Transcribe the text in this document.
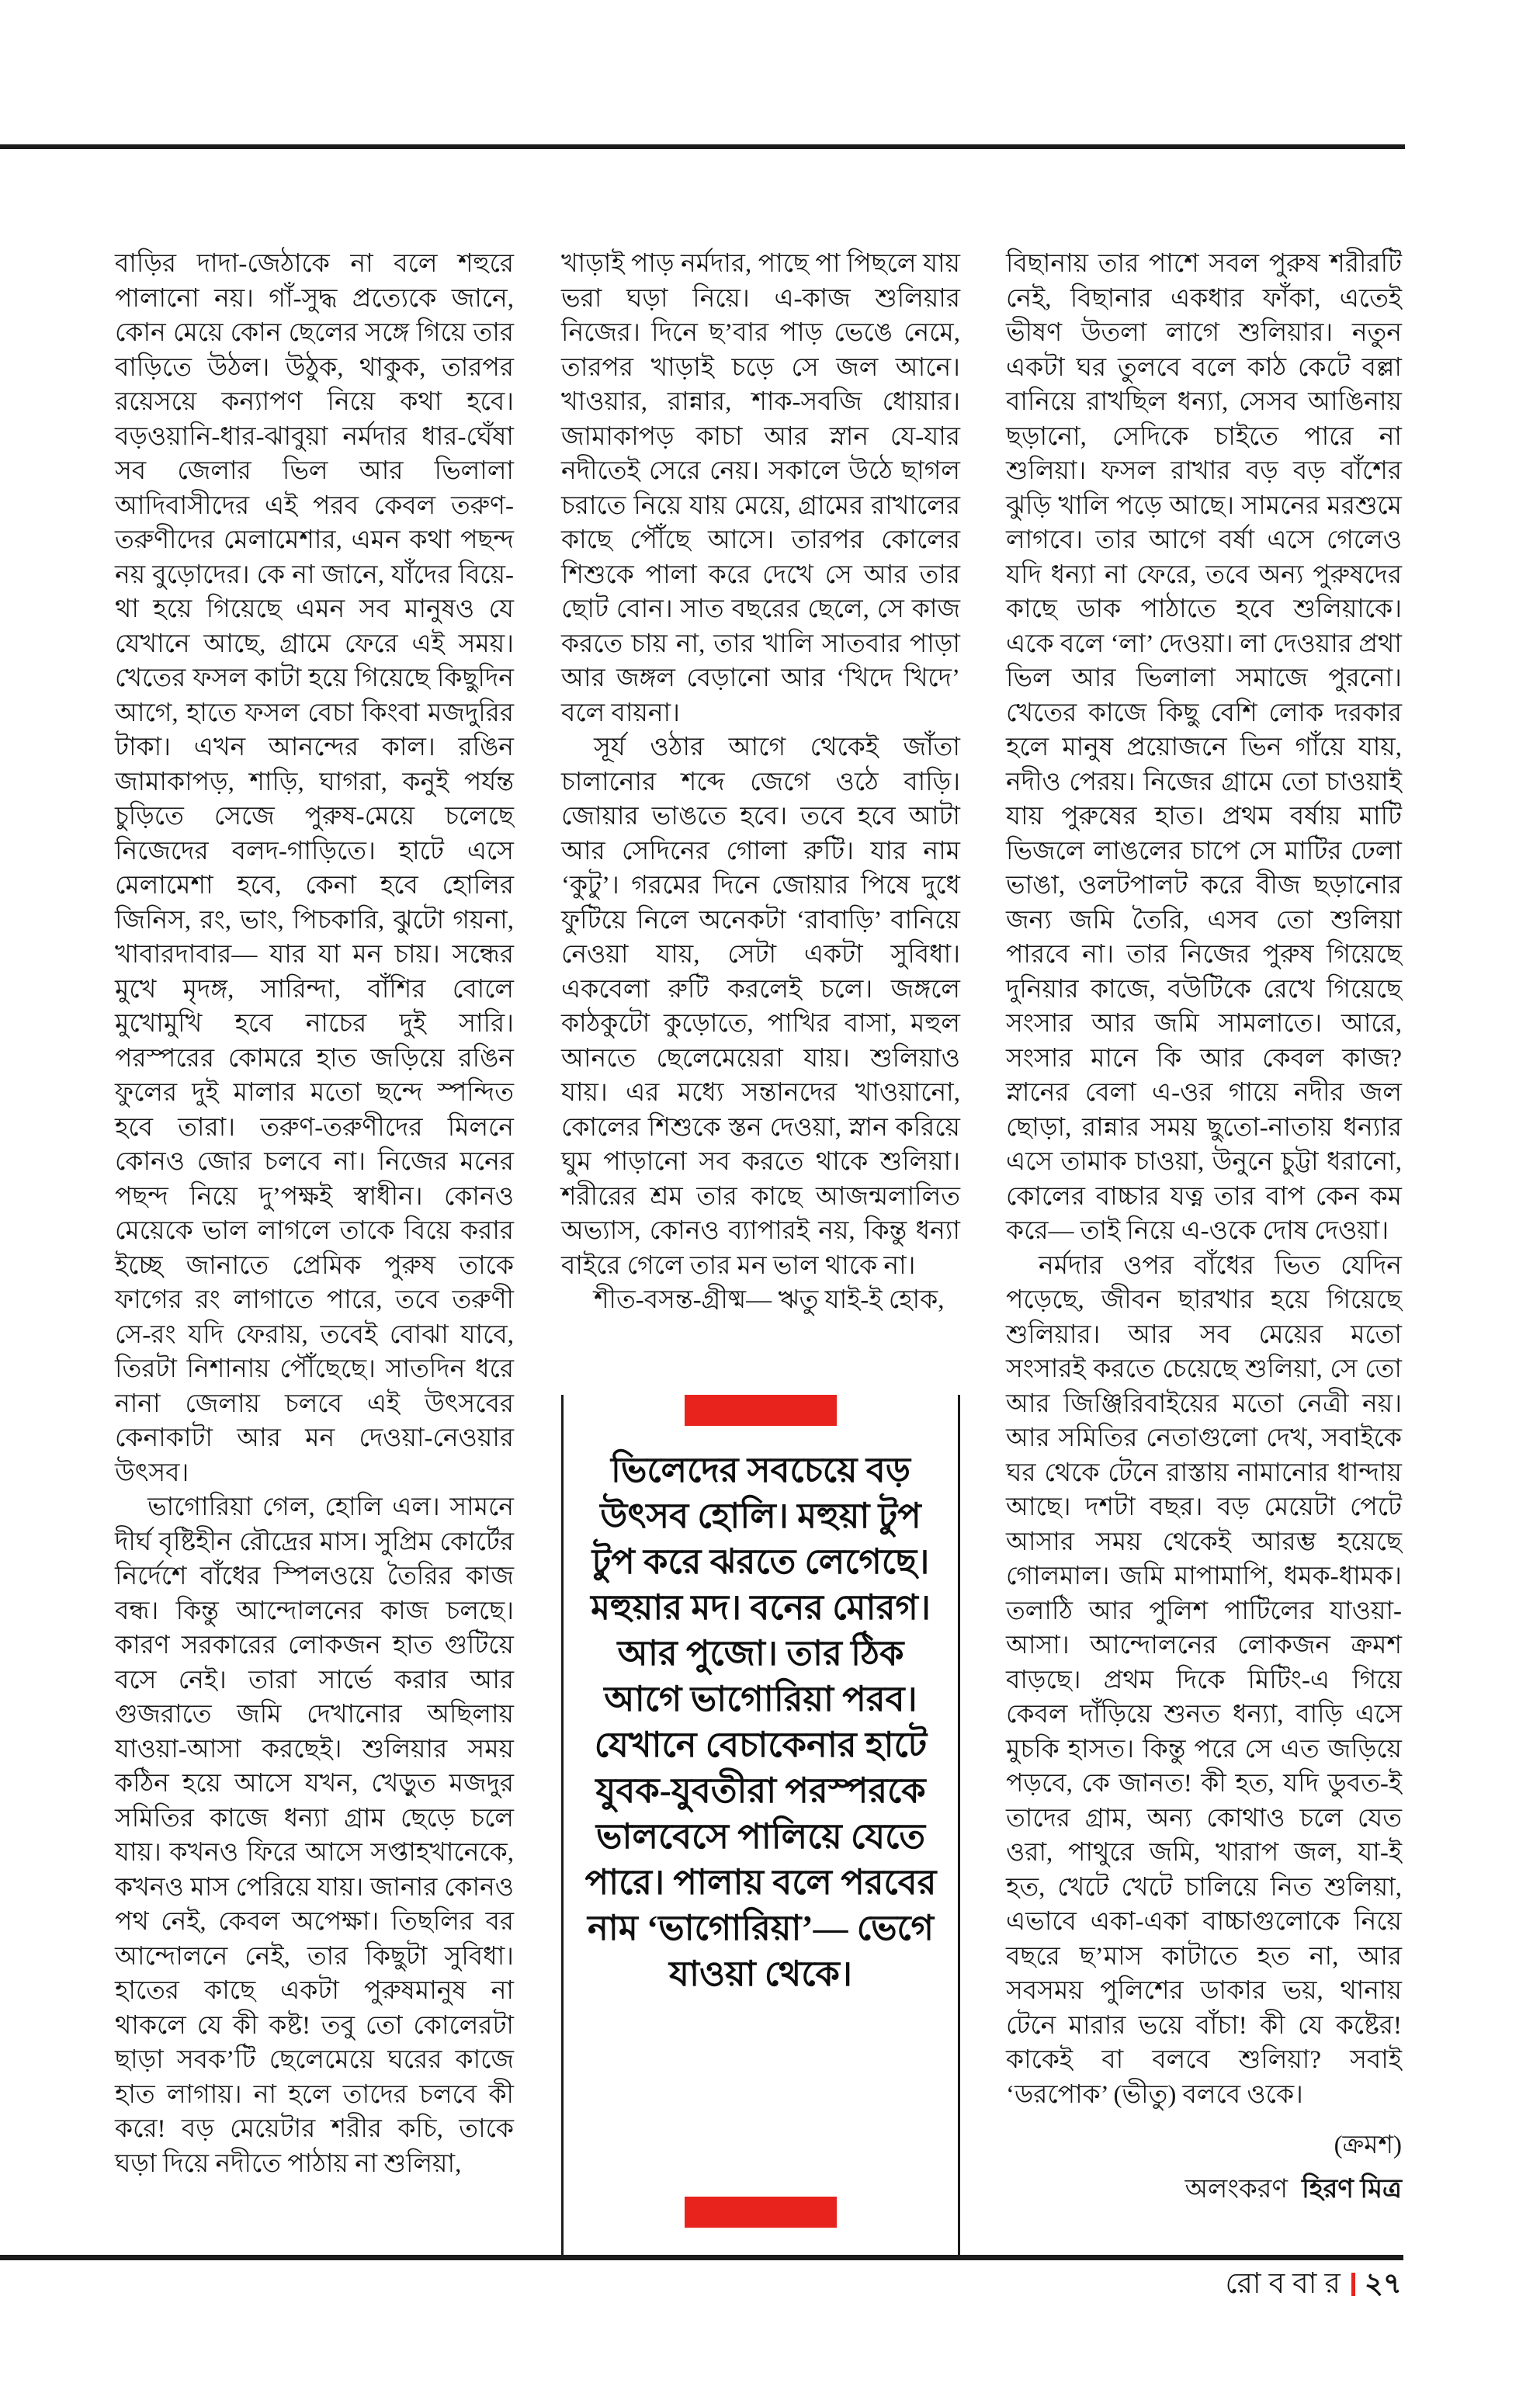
বাড়ির দাদা-জেঠাকে না বলে শহুরে পালানো নয়। গাঁ-সুদ্ধ প্রত্যেকে জানে, কোন মেয়ে কোন ছেলের সঙ্গে গিয়ে তার বাড়িতে উঠল। উঠুক, থাকুক, তারপর রয়েসয়ে কন্যাপণ নিয়ে কথা হবে। বড়ওয়ানি-ধার-ঝাবুয়া নর্মদার ধার-ঘেঁষা সব জেলার ভিল আর ভিলালা আদিবাসীদের এই পরব কেবল তরুণ-তরুণীদের মেলামেশার, এমন কথা পছন্দ নয় বুড়োদের। কে না জানে, যাঁদের বিয়ে-থা হয়ে গিয়েছে এমন সব মানুষও যে যেখানে আছে, গ্রামে ফেরে এই সময়। খেতের ফসল কাটা হয়ে গিয়েছে কিছুদিন আগে, হাতে ফসল বেচা কিংবা মজদুরির টাকা। এখন আনন্দের কাল। রঙিন জামাকাপড়, শাড়ি, ঘাগরা, কনুই পর্যন্ত চুড়িতে সেজে পুরুষ-মেয়ে চলেছে নিজেদের বলদ-গাড়িতে। হাটে এসে মেলামেশা হবে, কেনা হবে হোলির জিনিস, রং, ভাং, পিচকারি, ঝুটো গয়না, খাবারদাবার— যার যা মন চায়। সন্ধের মুখে মৃদঙ্গ, সারিন্দা, বাঁশির বোলে মুখোমুখি হবে নাচের দুই সারি। পরস্পরের কোমরে হাত জড়িয়ে রঙিন ফুলের দুই মালার মতো ছন্দে স্পন্দিত হবে তারা। তরুণ-তরুণীদের মিলনে কোনও জোর চলবে না। নিজের মনের পছন্দ নিয়ে দু’পক্ষই স্বাধীন। কোনও মেয়েকে ভাল লাগলে তাকে বিয়ে করার ইচ্ছে জানাতে প্রেমিক পুরুষ তাকে ফাগের রং লাগাতে পারে, তবে তরুণী সে-রং যদি ফেরায়, তবেই বোঝা যাবে, তিরটা নিশানায় পৌঁছেছে। সাতদিন ধরে নানা জেলায় চলবে এই উৎসবের কেনাকাটা আর মন দেওয়া-নেওয়ার উৎসব।

ভাগোরিয়া গেল, হোলি এল। সামনে দীর্ঘ বৃষ্টিহীন রৌদ্রের মাস। সুপ্রিম কোর্টের নির্দেশে বাঁধের স্পিলওয়ে তৈরির কাজ বন্ধ। কিন্তু আন্দোলনের কাজ চলছে। কারণ সরকারের লোকজন হাত গুটিয়ে বসে নেই। তারা সার্ভে করার আর গুজরাতে জমি দেখানোর অছিলায় যাওয়া-আসা করছেই। শুলিয়ার সময় কঠিন হয়ে আসে যখন, খেড়ুত মজদুর সমিতির কাজে ধন্যা গ্রাম ছেড়ে চলে যায়। কখনও ফিরে আসে সপ্তাহখানেকে, কখনও মাস পেরিয়ে যায়। জানার কোনও পথ নেই, কেবল অপেক্ষা। তিছলির বর আন্দোলনে নেই, তার কিছুটা সুবিধা। হাতের কাছে একটা পুরুষমানুষ না থাকলে যে কী কষ্ট! তবু তো কোলেরটা ছাড়া সবক’টি ছেলেমেয়ে ঘরের কাজে হাত লাগায়। না হলে তাদের চলবে কী করে! বড় মেয়েটার শরীর কচি, তাকে ঘড়া দিয়ে নদীতে পাঠায় না শুলিয়া,

খাড়াই পাড় নর্মদার, পাছে পা পিছলে যায় ভরা ঘড়া নিয়ে। এ-কাজ শুলিয়ার নিজের। দিনে ছ’বার পাড় ভেঙে নেমে, তারপর খাড়াই চড়ে সে জল আনে। খাওয়ার, রান্নার, শাক-সবজি ধোয়ার। জামাকাপড় কাচা আর স্নান যে-যার নদীতেই সেরে নেয়। সকালে উঠে ছাগল চরাতে নিয়ে যায় মেয়ে, গ্রামের রাখালের কাছে পৌঁছে আসে। তারপর কোলের শিশুকে পালা করে দেখে সে আর তার ছোট বোন। সাত বছরের ছেলে, সে কাজ করতে চায় না, তার খালি সাতবার পাড়া আর জঙ্গল বেড়ানো আর ‘খিদে খিদে’ বলে বায়না।

সূর্য ওঠার আগে থেকেই জাঁতা চালানোর শব্দে জেগে ওঠে বাড়ি। জোয়ার ভাঙতে হবে। তবে হবে আটা আর সেদিনের গোলা রুটি। যার নাম ‘কুটু’। গরমের দিনে জোয়ার পিষে দুধে ফুটিয়ে নিলে অনেকটা ‘রাবাড়ি’ বানিয়ে নেওয়া যায়, সেটা একটা সুবিধা। একবেলা রুটি করলেই চলে। জঙ্গলে কাঠকুটো কুড়োতে, পাখির বাসা, মহুল আনতে ছেলেমেয়েরা যায়। শুলিয়াও যায়। এর মধ্যে সন্তানদের খাওয়ানো, কোলের শিশুকে স্তন দেওয়া, স্নান করিয়ে ঘুম পাড়ানো সব করতে থাকে শুলিয়া। শরীরের শ্রম তার কাছে আজন্মলালিত অভ্যাস, কোনও ব্যাপারই নয়, কিন্তু ধন্যা বাইরে গেলে তার মন ভাল থাকে না।

শীত-বসন্ত-গ্রীষ্ম— ঋতু যাই-ই হোক,

বিছানায় তার পাশে সবল পুরুষ শরীরটি নেই, বিছানার একধার ফাঁকা, এতেই ভীষণ উতলা লাগে শুলিয়ার। নতুন একটা ঘর তুলবে বলে কাঠ কেটে বল্লা বানিয়ে রাখছিল ধন্যা, সেসব আঙিনায় ছড়ানো, সেদিকে চাইতে পারে না শুলিয়া। ফসল রাখার বড় বড় বাঁশের ঝুড়ি খালি পড়ে আছে। সামনের মরশুমে লাগবে। তার আগে বর্ষা এসে গেলেও যদি ধন্যা না ফেরে, তবে অন্য পুরুষদের কাছে ডাক পাঠাতে হবে শুলিয়াকে। একে বলে ‘লা’ দেওয়া। লা দেওয়ার প্রথা ভিল আর ভিলালা সমাজে পুরনো। খেতের কাজে কিছু বেশি লোক দরকার হলে মানুষ প্রয়োজনে ভিন গাঁয়ে যায়, নদীও পেরয়। নিজের গ্রামে তো চাওয়াই যায় পুরুষের হাত। প্রথম বর্ষায় মাটি ভিজলে লাঙলের চাপে সে মাটির ঢেলা ভাঙা, ওলটপালট করে বীজ ছড়ানোর জন্য জমি তৈরি, এসব তো শুলিয়া পারবে না। তার নিজের পুরুষ গিয়েছে দুনিয়ার কাজে, বউটিকে রেখে গিয়েছে সংসার আর জমি সামলাতে। আরে, সংসার মানে কি আর কেবল কাজ? স্নানের বেলা এ-ওর গায়ে নদীর জল ছোড়া, রান্নার সময় ছুতো-নাতায় ধন্যার এসে তামাক চাওয়া, উনুনে চুট্টা ধরানো, কোলের বাচ্চার যত্ন তার বাপ কেন কম করে— তাই নিয়ে এ-ওকে দোষ দেওয়া।

নর্মদার ওপর বাঁধের ভিত যেদিন পড়েছে, জীবন ছারখার হয়ে গিয়েছে শুলিয়ার। আর সব মেয়ের মতো সংসারই করতে চেয়েছে শুলিয়া, সে তো আর জিঞ্জিরিবাইয়ের মতো নেত্রী নয়। আর সমিতির নেতাগুলো দেখ, সবাইকে ঘর থেকে টেনে রাস্তায় নামানোর ধান্দায় আছে। দশটা বছর। বড় মেয়েটা পেটে আসার সময় থেকেই আরম্ভ হয়েছে গোলমাল। জমি মাপামাপি, ধমক-ধামক। তলাঠি আর পুলিশ পাটিলের যাওয়া-আসা। আন্দোলনের লোকজন ক্রমশ বাড়ছে। প্রথম দিকে মিটিং-এ গিয়ে কেবল দাঁড়িয়ে শুনত ধন্যা, বাড়ি এসে মুচকি হাসত। কিন্তু পরে সে এত জড়িয়ে পড়বে, কে জানত! কী হত, যদি ডুবত-ই তাদের গ্রাম, অন্য কোথাও চলে যেত ওরা, পাথুরে জমি, খারাপ জল, যা-ই হত, খেটে খেটে চালিয়ে নিত শুলিয়া, এভাবে একা-একা বাচ্চাগুলোকে নিয়ে বছরে ছ’মাস কাটাতে হত না, আর সবসময় পুলিশের ডাকার ভয়, থানায় টেনে মারার ভয়ে বাঁচা! কী যে কষ্টের! কাকেই বা বলবে শুলিয়া? সবাই ‘ডরপোক’ (ভীতু) বলবে ওকে।

ভিলেদের সবচেয়ে বড় উৎসব হোলি। মহুয়া টুপ টুপ করে ঝরতে লেগেছে। মহুয়ার মদ। বনের মোরগ। আর পুজো। তার ঠিক আগে ভাগোরিয়া পরব। যেখানে বেচাকেনার হাটে যুবক-যুবতীরা পরস্পরকে ভালবেসে পালিয়ে যেতে পারে। পালায় বলে পরবের নাম ‘ভাগোরিয়া’— ভেগে যাওয়া থেকে।
(ক্রমশ)
অলংকরণ হিরণ মিত্র
রোববার ২৭
